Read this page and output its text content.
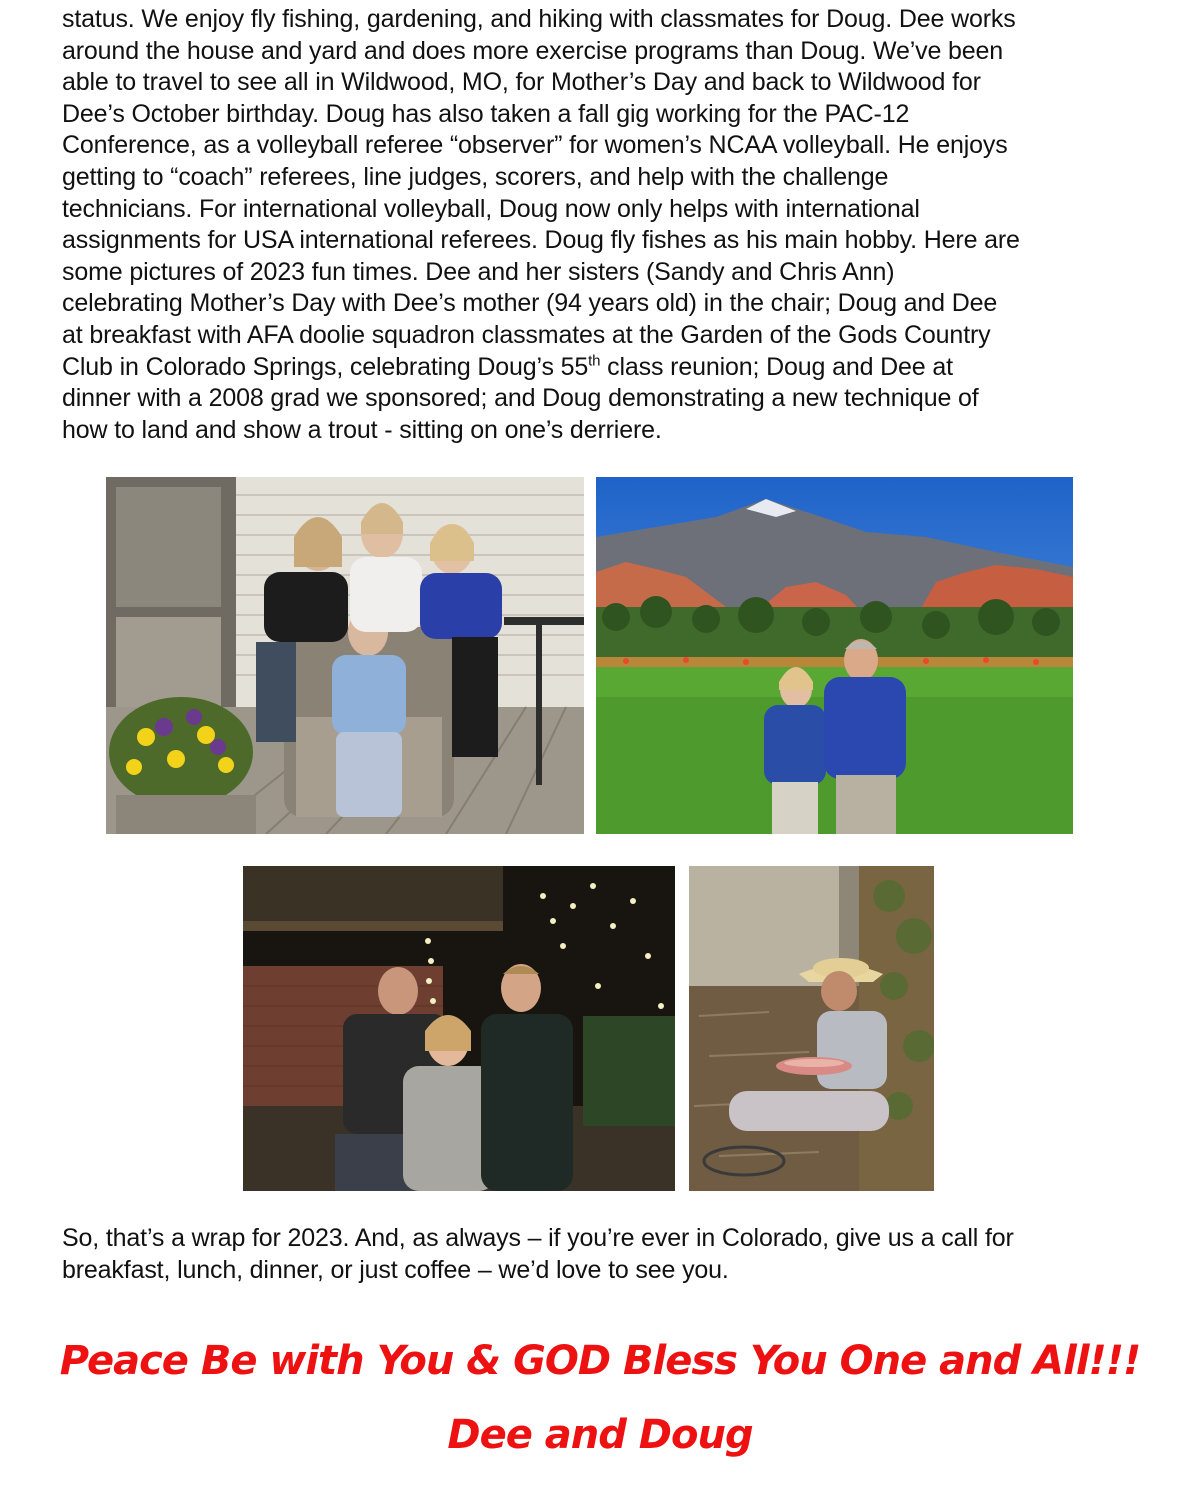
status. We enjoy fly fishing, gardening, and hiking with classmates for Doug. Dee works
around the house and yard and does more exercise programs than Doug. We’ve been
able to travel to see all in Wildwood, MO, for Mother’s Day and back to Wildwood for
Dee’s October birthday. Doug has also taken a fall gig working for the PAC-12
Conference, as a volleyball referee “observer” for women’s NCAA volleyball. He enjoys
getting to “coach” referees, line judges, scorers, and help with the challenge
technicians. For international volleyball, Doug now only helps with international
assignments for USA international referees. Doug fly fishes as his main hobby. Here are
some pictures of 2023 fun times. Dee and her sisters (Sandy and Chris Ann)
celebrating Mother’s Day with Dee’s mother (94 years old) in the chair; Doug and Dee
at breakfast with AFA doolie squadron classmates at the Garden of the Gods Country
Club in Colorado Springs, celebrating Doug’s 55th class reunion; Doug and Dee at
dinner with a 2008 grad we sponsored; and Doug demonstrating a new technique of
how to land and show a trout - sitting on one’s derriere.

So, that’s a wrap for 2023. And, as always – if you’re ever in Colorado, give us a call for
breakfast, lunch, dinner, or just coffee – we’d love to see you.

Peace Be with You & GOD Bless You One and All!!!

Dee and Doug
